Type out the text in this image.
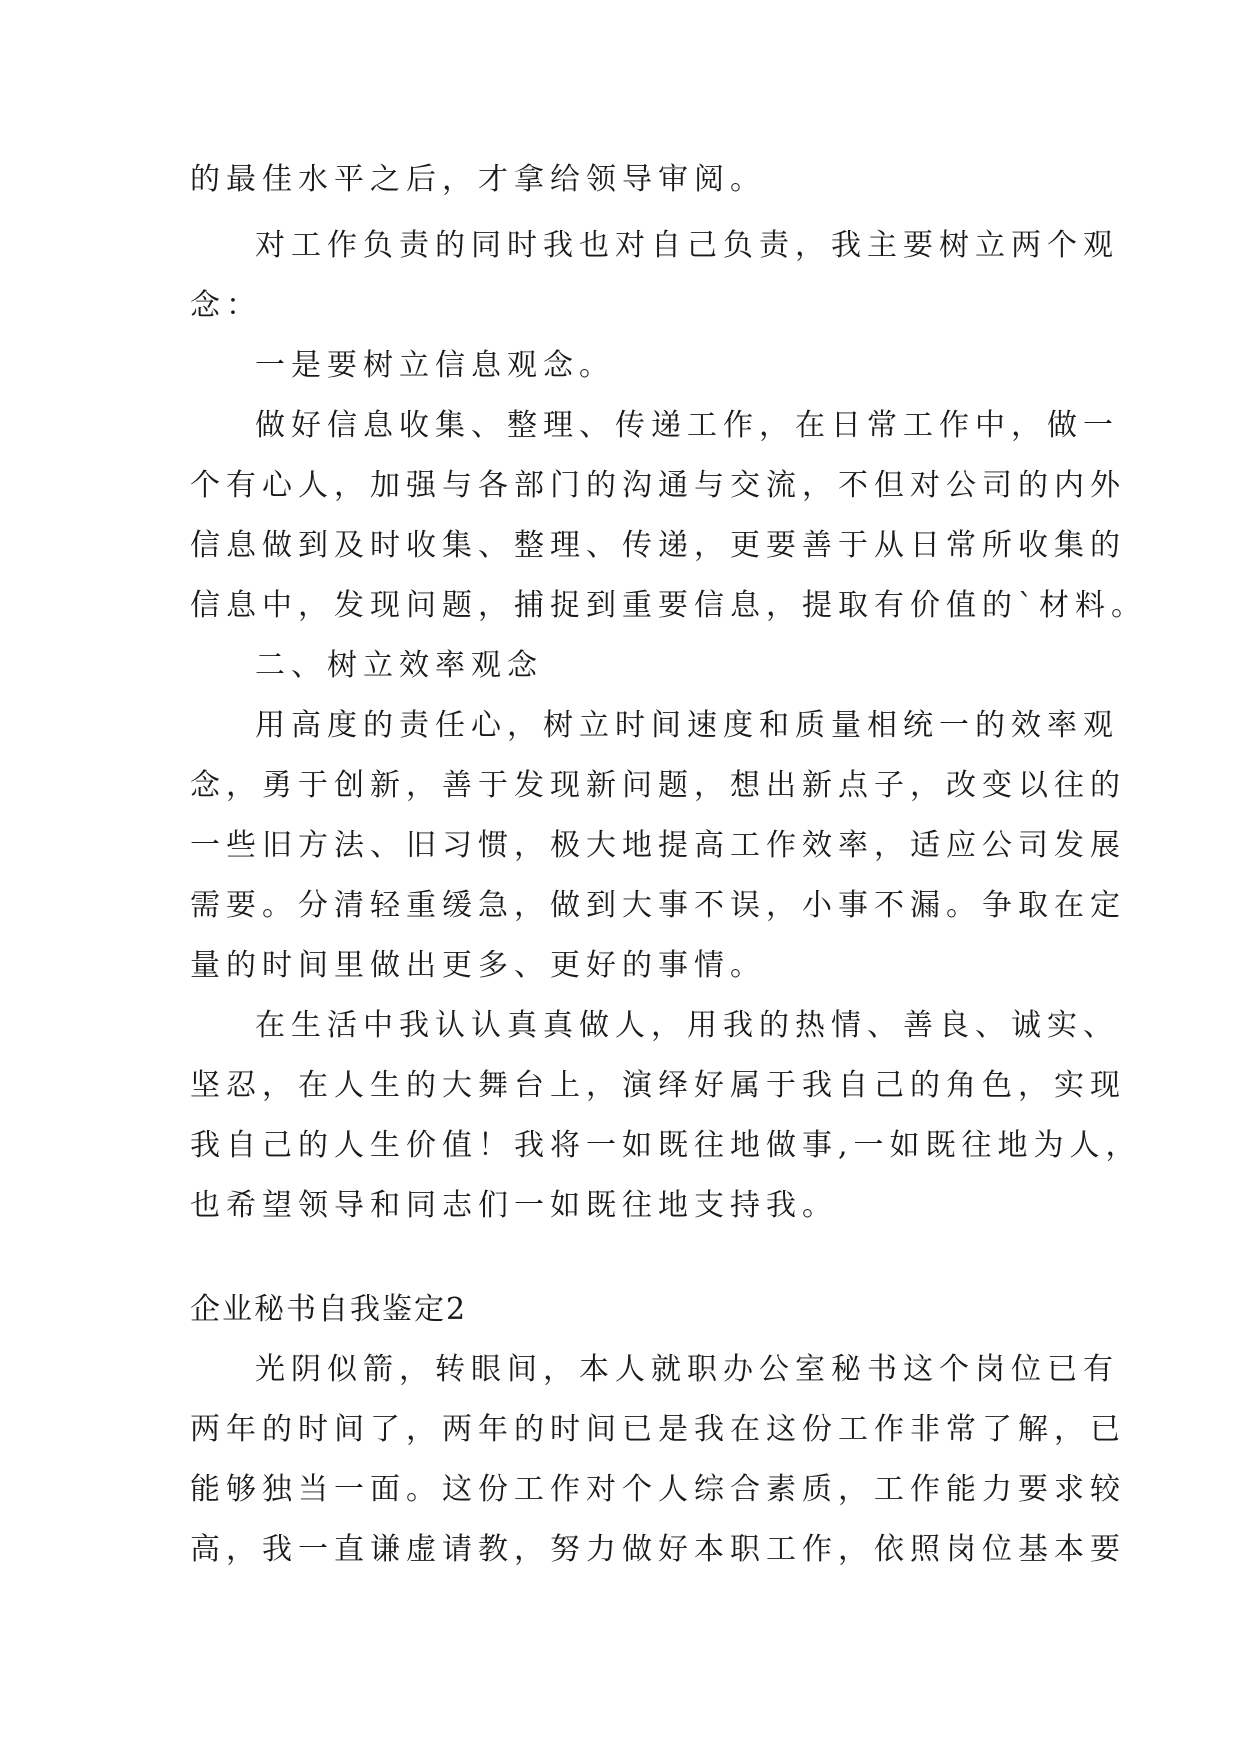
的最佳水平之后，才拿给领导审阅。

对工作负责的同时我也对自己负责，我主要树立两个观

念：

一是要树立信息观念。

做好信息收集、整理、传递工作，在日常工作中，做一

个有心人，加强与各部门的沟通与交流，不但对公司的内外

信息做到及时收集、整理、传递，更要善于从日常所收集的

信息中，发现问题，捕捉到重要信息，提取有价值的`材料。

二、树立效率观念

用高度的责任心，树立时间速度和质量相统一的效率观

念，勇于创新，善于发现新问题，想出新点子，改变以往的

一些旧方法、旧习惯，极大地提高工作效率，适应公司发展

需要。分清轻重缓急，做到大事不误，小事不漏。争取在定

量的时间里做出更多、更好的事情。

在生活中我认认真真做人，用我的热情、善良、诚实、

坚忍，在人生的大舞台上，演绎好属于我自己的角色，实现

我自己的人生价值！我将一如既往地做事,一如既往地为人，

也希望领导和同志们一如既往地支持我。

企业秘书自我鉴定2

光阴似箭，转眼间，本人就职办公室秘书这个岗位已有

两年的时间了，两年的时间已是我在这份工作非常了解，已

能够独当一面。这份工作对个人综合素质，工作能力要求较

高，我一直谦虚请教，努力做好本职工作，依照岗位基本要
